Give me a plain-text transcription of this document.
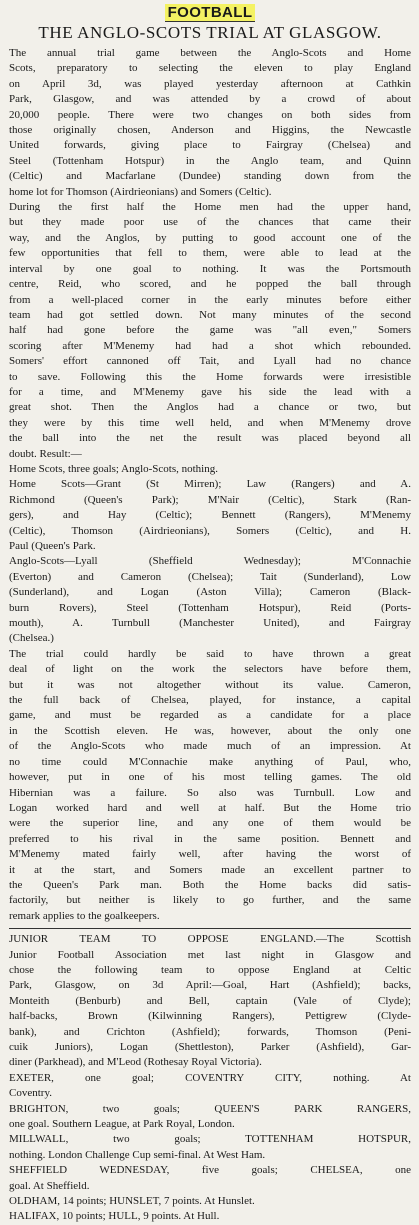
FOOTBALL
THE ANGLO-SCOTS TRIAL AT GLASGOW.
The annual trial game between the Anglo-Scots and Home
Scots, preparatory to selecting the eleven to play England
on April 3d, was played yesterday afternoon at Cathkin
Park, Glasgow, and was attended by a crowd of about
20,000 people. There were two changes on both sides from
those originally chosen, Anderson and Higgins, the Newcastle
United forwards, giving place to Fairgray (Chelsea) and
Steel (Tottenham Hotspur) in the Anglo team, and Quinn
(Celtic) and Macfarlane (Dundee) standing down from the
home lot for Thomson (Airdrieonians) and Somers (Celtic).
During the first half the Home men had the upper hand,
but they made poor use of the chances that came their
way, and the Anglos, by putting to good account one of the
few opportunities that fell to them, were able to lead at the
interval by one goal to nothing. It was the Portsmouth
centre, Reid, who scored, and he popped the ball through
from a well-placed corner in the early minutes before either
team had got settled down. Not many minutes of the second
half had gone before the game was "all even," Somers
scoring after M'Menemy had had a shot which rebounded.
Somers' effort cannoned off Tait, and Lyall had no chance
to save. Following this the Home forwards were irresistible
for a time, and M'Menemy gave his side the lead with a
great shot. Then the Anglos had a chance or two, but
they were by this time well held, and when M'Menemy drove
the ball into the net the result was placed beyond all
doubt. Result:—
Home Scots, three goals; Anglo-Scots, nothing.
Home Scots—Grant (St Mirren); Law (Rangers) and A.
Richmond (Queen's Park); M'Nair (Celtic), Stark (Ran-
gers), and Hay (Celtic); Bennett (Rangers), M'Menemy
(Celtic), Thomson (Airdrieonians), Somers (Celtic), and H.
Paul (Queen's Park.
Anglo-Scots—Lyall (Sheffield Wednesday); M'Connachie
(Everton) and Cameron (Chelsea); Tait (Sunderland), Low
(Sunderland), and Logan (Aston Villa); Cameron (Black-
burn Rovers), Steel (Tottenham Hotspur), Reid (Ports-
mouth), A. Turnbull (Manchester United), and Fairgray
(Chelsea.)
The trial could hardly be said to have thrown a great
deal of light on the work the selectors have before them,
but it was not altogether without its value. Cameron,
the full back of Chelsea, played, for instance, a capital
game, and must be regarded as a candidate for a place
in the Scottish eleven. He was, however, about the only one
of the Anglo-Scots who made much of an impression. At
no time could M'Connachie make anything of Paul, who,
however, put in one of his most telling games. The old
Hibernian was a failure. So also was Turnbull. Low and
Logan worked hard and well at half. But the Home trio
were the superior line, and any one of them would be
preferred to his rival in the same position. Bennett and
M'Menemy mated fairly well, after having the worst of
it at the start, and Somers made an excellent partner to
the Queen's Park man. Both the Home backs did satis-
factorily, but neither is likely to go further, and the same
remark applies to the goalkeepers.
JUNIOR TEAM TO OPPOSE ENGLAND.—The Scottish
Junior Football Association met last night in Glasgow and
chose the following team to oppose England at Celtic
Park, Glasgow, on 3d April:—Goal, Hart (Ashfield); backs,
Monteith (Benburb) and Bell, captain (Vale of Clyde);
half-backs, Brown (Kilwinning Rangers), Pettigrew (Clyde-
bank), and Crichton (Ashfield); forwards, Thomson (Peni-
cuik Juniors), Logan (Shettleston), Parker (Ashfield), Gar-
diner (Parkhead), and M'Leod (Rothesay Royal Victoria).
EXETER, one goal; COVENTRY CITY, nothing. At
Coventry.
BRIGHTON, two goals; QUEEN'S PARK RANGERS,
one goal. Southern League, at Park Royal, London.
MILLWALL, two goals; TOTTENHAM HOTSPUR,
nothing. London Challenge Cup semi-final. At West Ham.
SHEFFIELD WEDNESDAY, five goals; CHELSEA, one
goal. At Sheffield.
OLDHAM, 14 points; HUNSLET, 7 points. At Hunslet.
HALIFAX, 10 points; HULL, 9 points. At Hull.
